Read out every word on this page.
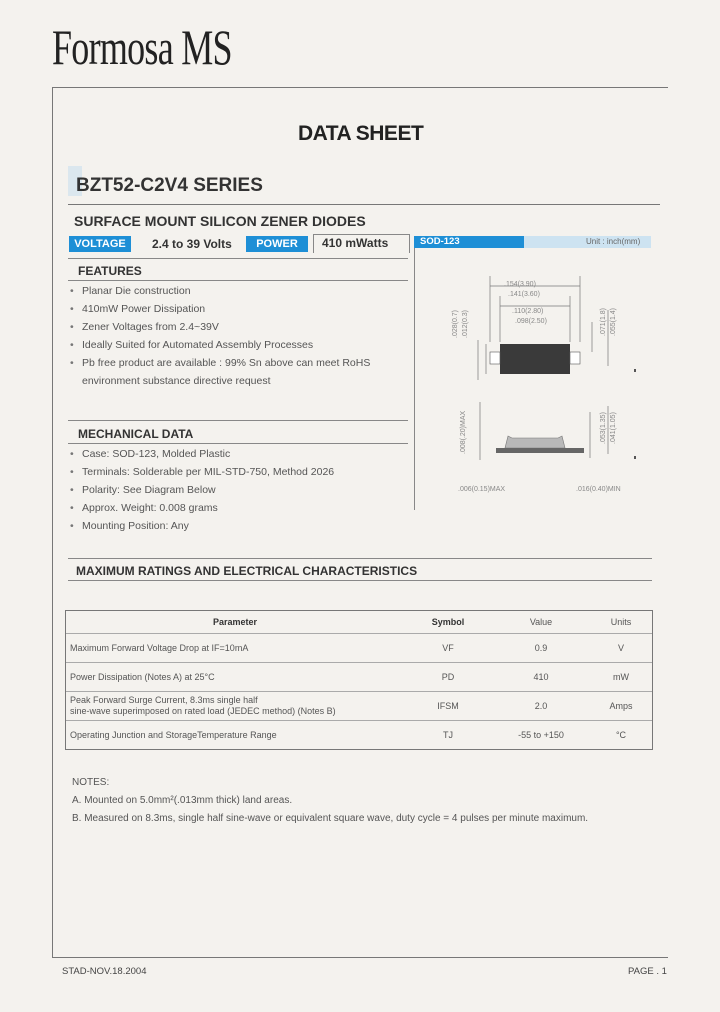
Formosa MS
DATA SHEET
BZT52-C2V4 SERIES
SURFACE MOUNT SILICON ZENER DIODES
VOLTAGE	2.4 to 39 Volts	POWER	410 mWatts	SOD-123	Unit : inch(mm)
.154(3.90)
.141(3.60)
.110(2.80)
.098(2.50)
.028(0.7) .012(0.3)	.071(1.8) .055(1.4)
.008(.20)MAX	.053(1.35) .041(1.05)
.006(0.15)MAX	.016(0.40)MIN
FEATURES
• Planar Die construction
• 410mW Power Dissipation
• Zener Voltages from 2.4~39V
• Ideally Suited for Automated Assembly Processes
• Pb free product are available : 99% Sn above can meet RoHS
environment substance directive request
MECHANICAL DATA
• Case: SOD-123, Molded Plastic
• Terminals: Solderable per MIL-STD-750, Method 2026
• Polarity: See Diagram Below
• Approx. Weight: 0.008 grams
• Mounting Position: Any
MAXIMUM RATINGS AND ELECTRICAL CHARACTERISTICS
Parameter	Symbol	Value	Units
Maximum Forward Voltage Drop at IF=10mA	VF	0.9	V
Power Dissipation (Notes A) at 25°C	PD	410	mW

Peak Forward Surge Current, 8.3ms single half
sine-wave superimposed on rated load (JEDEC method) (Notes B)	IFSM	2.0	Amps
Operating Junction and StorageTemperature Range	TJ	-55 to +150	°C
NOTES:
A. Mounted on 5.0mm²(.013mm thick) land areas.
B. Measured on 8.3ms, single half sine-wave or equivalent square wave, duty cycle = 4 pulses per minute maximum.
STAD-NOV.18.2004	PAGE . 1
